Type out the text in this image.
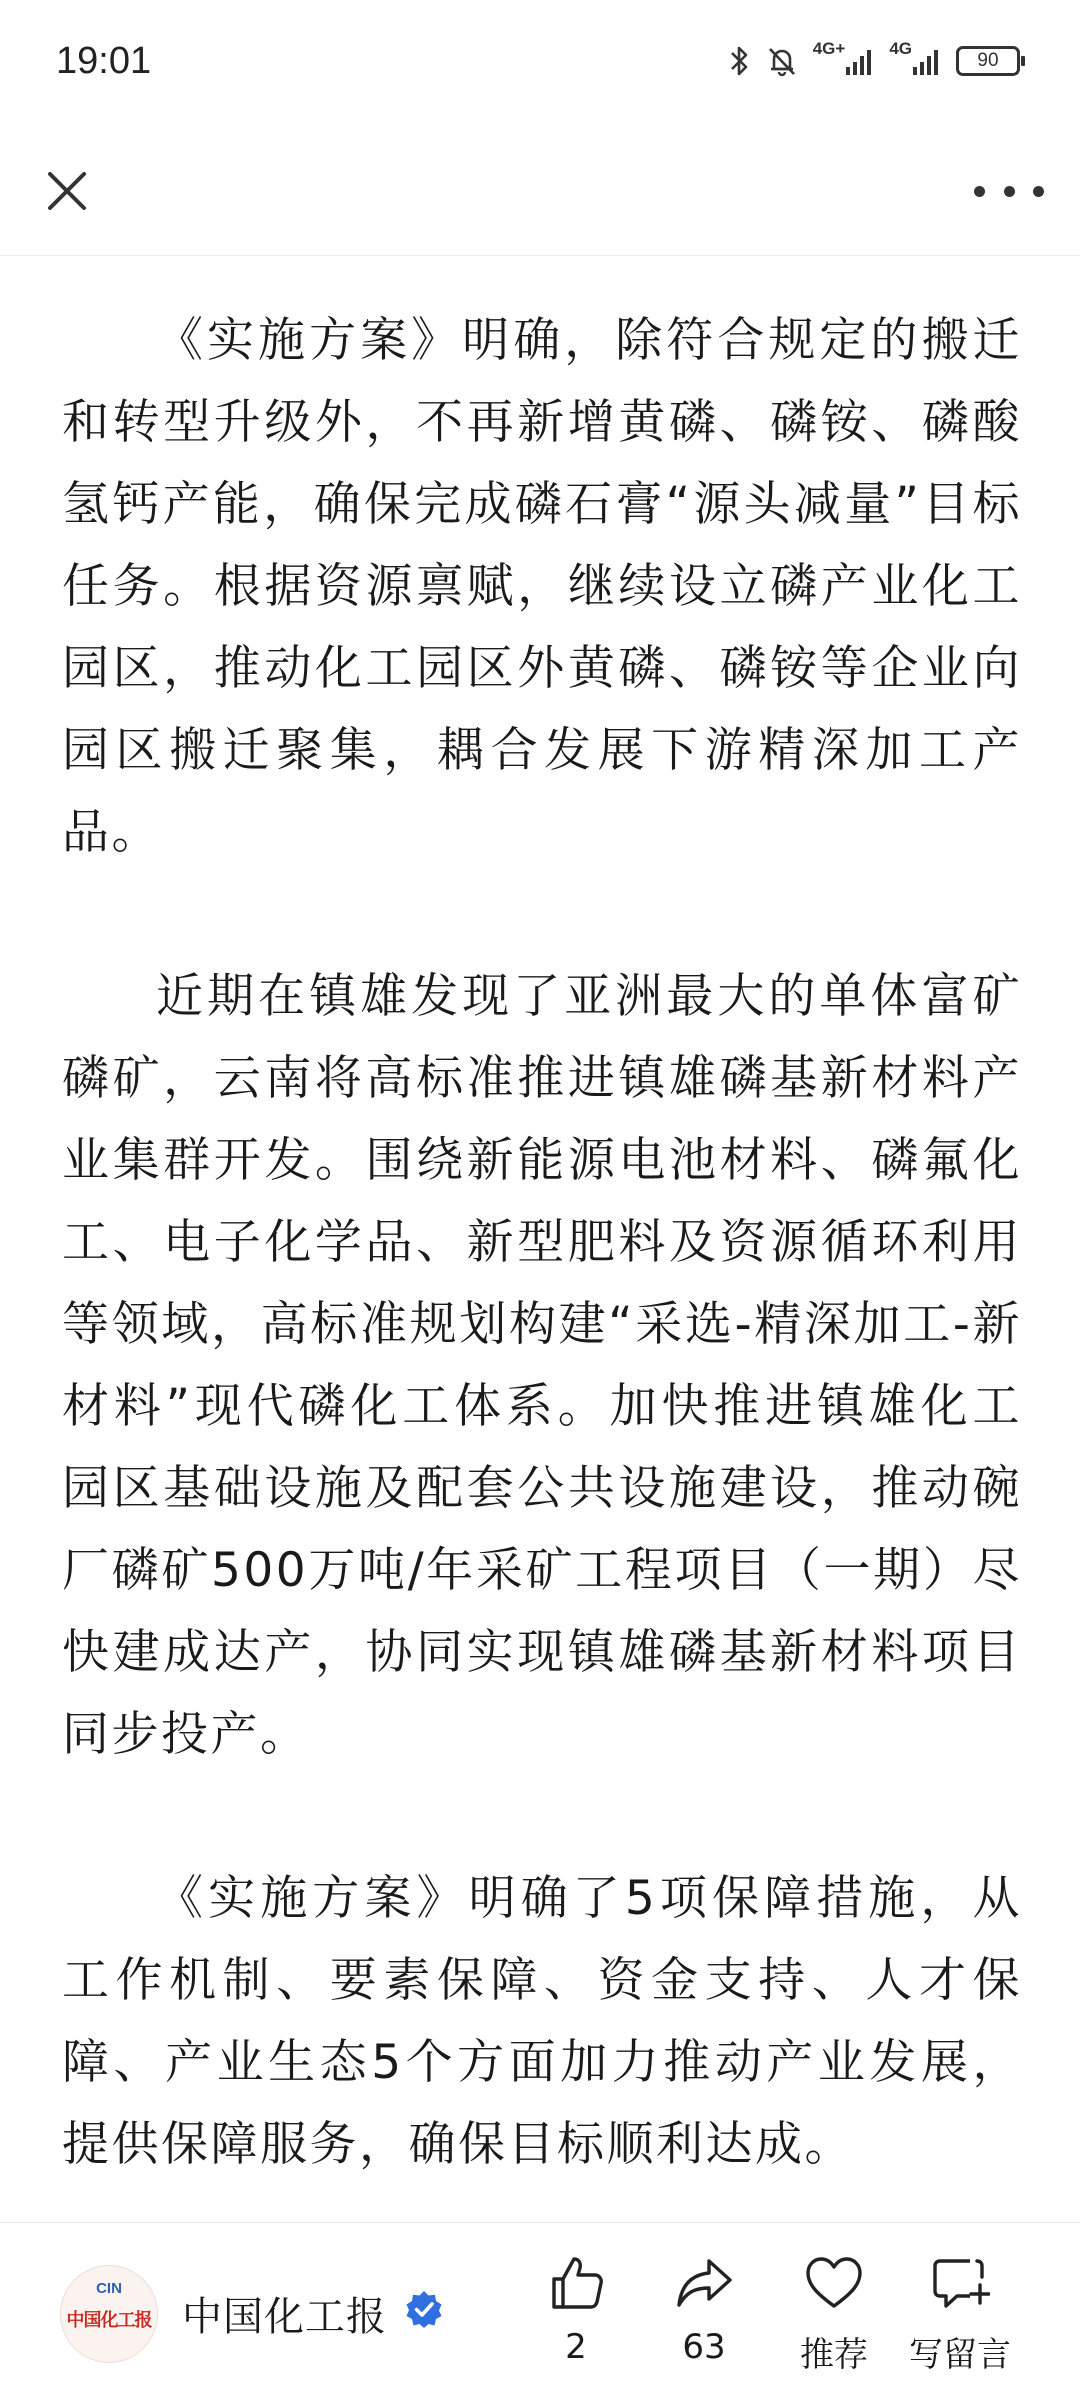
19:01	4G+	4G
90

《实施方案》明确，除符合规定的搬迁和转型升级外，不再新增黄磷、磷铵、磷酸氢钙产能，确保完成磷石膏“源头减量”目标任务。根据资源禀赋，继续设立磷产业化工园区，推动化工园区外黄磷、磷铵等企业向园区搬迁聚集，耦合发展下游精深加工产品。

近期在镇雄发现了亚洲最大的单体富矿磷矿，云南将高标准推进镇雄磷基新材料产业集群开发。围绕新能源电池材料、磷氟化工、电子化学品、新型肥料及资源循环利用等领域，高标准规划构建“采选-精深加工-新材料”现代磷化工体系。加快推进镇雄化工园区基础设施及配套公共设施建设，推动碗厂磷矿500万吨/年采矿工程项目（一期）尽快建成达产，协同实现镇雄磷基新材料项目同步投产。

《实施方案》明确了5项保障措施，从工作机制、要素保障、资金支持、人才保障、产业生态5个方面加力推动产业发展，提供保障服务，确保目标顺利达成。

CIN
中国化工报 中国化工报
2	63	推荐	写留言
